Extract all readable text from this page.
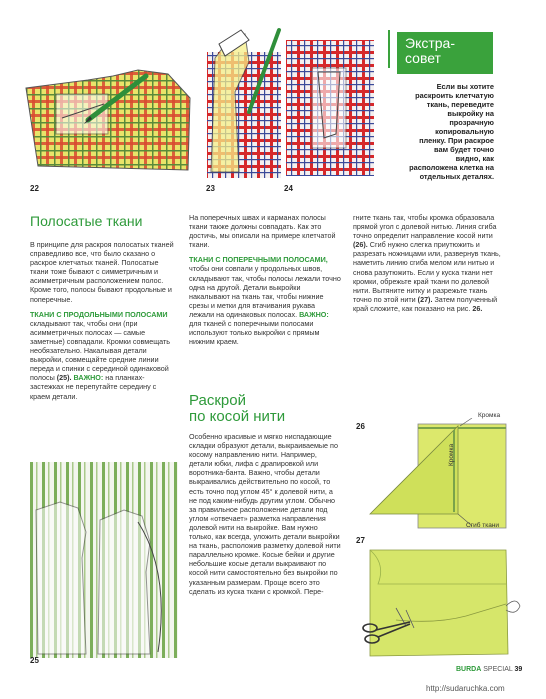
22	23	24
Экстра-
совет
Если вы хотите раскроить клетчатую ткань, переведите выкройку на прозрачную копировальную пленку. При раскрое вам будет точно видно, как расположена клетка на отдельных деталях.
Полосатые ткани
В принципе для раскроя полосатых тканей справедливо все, что было сказано о раскрое клетчатых тканей. Полосатые ткани тоже бывают с симметричным и асимметричным расположением полос. Кроме того, полосы бывают продольные и поперечные.
ТКАНИ С ПРОДОЛЬНЫМИ ПОЛОСАМИ складывают так, чтобы они (при асимметричных полосах — самые заметные) совпадали. Кромки совмещать необязательно. Накалывая детали выкройки, совмещайте средние линии переда и спинки с серединой одинаковой полосы (25). ВАЖНО: на планках-застежках не перепутайте середину с краем детали.
На поперечных швах и карманах полосы ткани также должны совпадать. Как это достичь, мы описали на примере клетчатой ткани.
ТКАНИ С ПОПЕРЕЧНЫМИ ПОЛОСАМИ, чтобы они совпали у продольных швов, складывают так, чтобы полосы лежали точно одна на другой. Детали выкройки накалывают на ткань так, чтобы нижние срезы и метки для втачивания рукава лежали на одинаковых полосах. ВАЖНО: для тканей с поперечными полосами используют только выкройки с прямым нижним краем.
Раскрой
по косой нити
Особенно красивые и мягко ниспадающие складки образуют детали, выкраиваемые по косому направлению нити. Например, детали юбки, лифа с драпировкой или воротника-банта. Важно, чтобы детали выкраивались действительно по косой, то есть точно под углом 45° к долевой нити, а не под каким-нибудь другим углом. Обычно за правильное расположение детали под углом «отвечает» разметка направления долевой нити на выкройке. Вам нужно только, как всегда, уложить детали выкройки на ткань, расположив разметку долевой нити параллельно кромке. Косые бейки и другие небольшие косые детали выкраивают по косой нити самостоятельно без выкройки по указанным размерам. Проще всего это сделать из куска ткани с кромкой. Пере-
гните ткань так, чтобы кромка образовала прямой угол с долевой нитью. Линия сгиба точно определит направление косой нити (26). Сгиб нужно слегка приутюжить и разрезать ножницами или, развернув ткань, наметить линию сгиба мелом или нитью и снова разутюжить. Если у куска ткани нет кромки, обрежьте край ткани по долевой нити. Вытяните нитку и разрежьте ткань точно по этой нити (27). Затем полученный край сложите, как показано на рис. 26.
25
26
Кромка
Кромка
Сгиб ткани
27
BURDA SPECIAL 39
http://sudaruchka.com
